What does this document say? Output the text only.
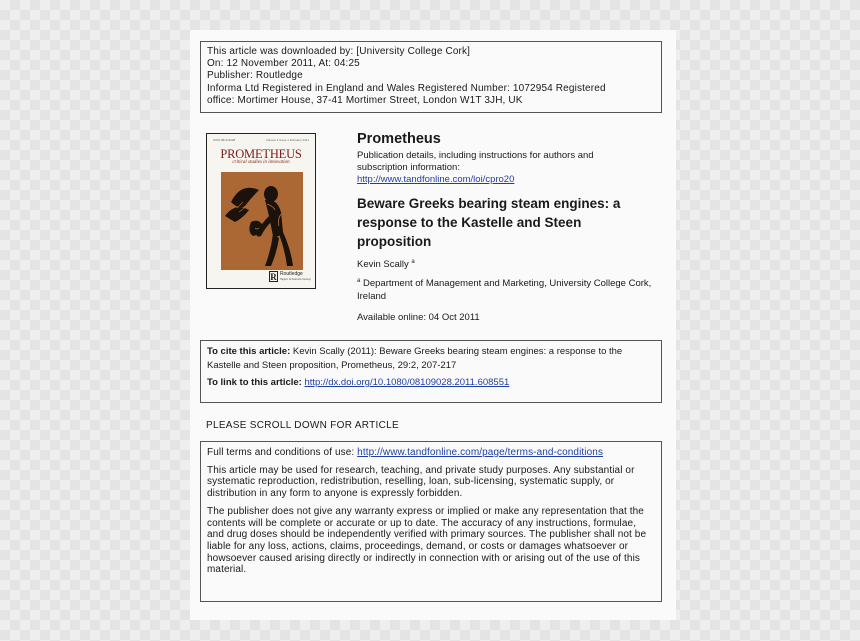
This article was downloaded by: [University College Cork]
On: 12 November 2011, At: 04:25
Publisher: Routledge
Informa Ltd Registered in England and Wales Registered Number: 1072954 Registered
office: Mortimer House, 37-41 Mortimer Street, London W1T 3JH, UK
ISSN 0810-9028	Volume 1 Issue 1 February 2011
PROMETHEUS
critical studies in innovation
R Routledge
Taylor & Francis Group
Prometheus
Publication details, including instructions for authors and subscription information:
http://www.tandfonline.com/loi/cpro20
Beware Greeks bearing steam engines: a response to the Kastelle and Steen proposition
Kevin Scally $^a$
$^a$ Department of Management and Marketing, University College Cork, Ireland
Available online: 04 Oct 2011
To cite this article: Kevin Scally (2011): Beware Greeks bearing steam engines: a response to the Kastelle and Steen proposition, Prometheus, 29:2, 207-217
To link to this article: http://dx.doi.org/10.1080/08109028.2011.608551
PLEASE SCROLL DOWN FOR ARTICLE

Full terms and conditions of use: http://www.tandfonline.com/page/terms-and-conditions

This article may be used for research, teaching, and private study purposes. Any substantial or systematic reproduction, redistribution, reselling, loan, sub-licensing, systematic supply, or distribution in any form to anyone is expressly forbidden.

The publisher does not give any warranty express or implied or make any representation that the contents will be complete or accurate or up to date. The accuracy of any instructions, formulae, and drug doses should be independently verified with primary sources. The publisher shall not be liable for any loss, actions, claims, proceedings, demand, or costs or damages whatsoever or howsoever caused arising directly or indirectly in connection with or arising out of the use of this material.
